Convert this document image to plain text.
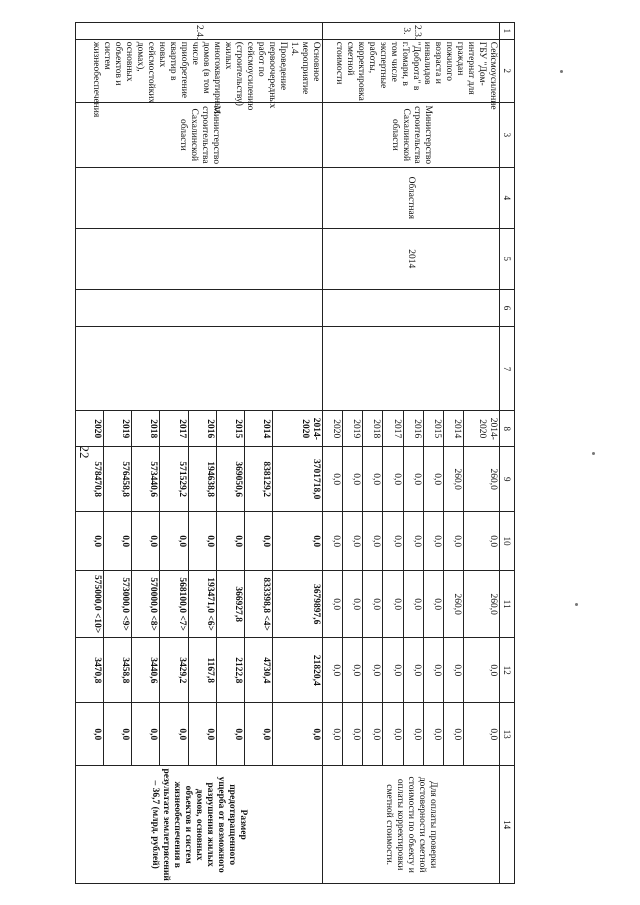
22
1	2	3	4	5	6	7	8	9	10	11	12	13	14
2.3. 3.	Сейсмоусиление ГБУ "Дом-интернат для граждан пожилого возраста и инвалидов "Доброта" в г.Томари, в том числе экспертные работы, корректировка сметной стоимости	Министерство строительства Сахалинской области	Областная	2014			2014-2020	260,0	0,0	260,0	0,0	0,0	Для оплаты проверки достоверности сметной стоимости по объекту и оплаты корректировки сметной стоимости.
							2014	260,0	0,0	260,0	0,0	0,0	
							2015	0,0	0,0	0,0	0,0	0,0	
							2016	0,0	0,0	0,0	0,0	0,0	
							2017	0,0	0,0	0,0	0,0	0,0	
							2018	0,0	0,0	0,0	0,0	0,0	
							2019	0,0	0,0	0,0	0,0	0,0	
							2020	0,0	0,0	0,0	0,0	0,0	
2.4.	Основное мероприятие 1.4. Проведение первоочередных работ по сейсмоусилению (строительству) жилых многоквартирных домов (в том числе приобретение квартир в новых сейсмостойких домах), основных объектов и систем жизнеобеспечения	Министерство строительства Сахалинской области					2014-2020	3701718,0	0,0	3679897,6	21820,4	0,0	Размер предотвращенного ущерба от возможного разрушения жилых домов, основных объектов и систем жизнеобеспечения в результате землетрясений – 36,7 (млрд. рублей)
							2014	838129,2	0,0	833398,8 <4>	4730,4	0,0	
							2015	369050,6	0,0	366927,8	2122,8	0,0	
							2016	194638,8	0,0	193471,0 <6>	1167,8	0,0	
							2017	571529,2	0,0	568100,0 <7>	3429,2	0,0	
							2018	573440,6	0,0	570000,0 <8>	3440,6	0,0	
							2019	576458,8	0,0	573000,0 <9>	3458,8	0,0	
							2020	578470,8	0,0	575000,0 <10>	3470,8	0,0	
